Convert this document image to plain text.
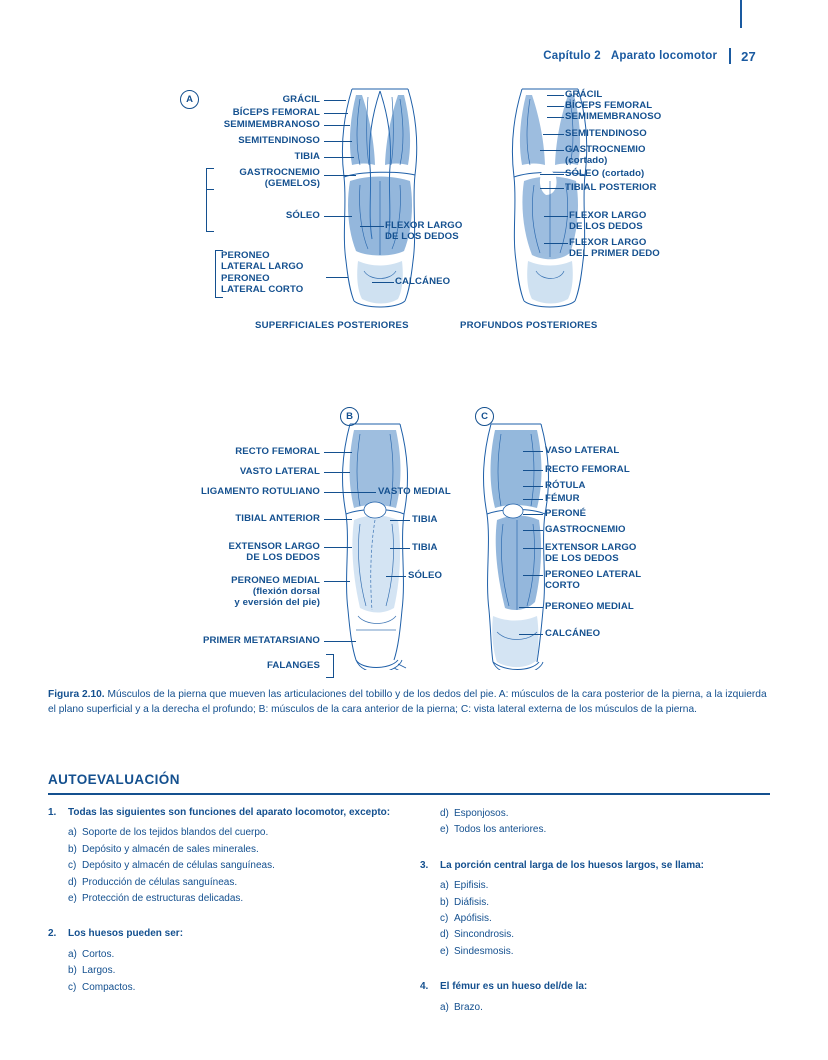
Capítulo 2 Aparato locomotor 27
A	GRÁCIL
BÍCEPS FEMORAL
SEMIMEMBRANOSO
SEMITENDINOSO
TIBIA
GASTROCNEMIO
(GEMELOS)
SÓLEO
PERONEO
LATERAL LARGO
PERONEO
LATERAL CORTO
FLEXOR LARGO
DE LOS DEDOS
CALCÁNEO
GRÁCIL
BÍCEPS FEMORAL
SEMIMEMBRANOSO
SEMITENDINOSO
GASTROCNEMIO
(cortado)
SÓLEO (cortado)
TIBIAL POSTERIOR
FLEXOR LARGO
DE LOS DEDOS
FLEXOR LARGO
DEL PRIMER DEDO
SUPERFICIALES POSTERIORES	PROFUNDOS POSTERIORES
B	C
RECTO FEMORAL
VASTO LATERAL
LIGAMENTO ROTULIANO
TIBIAL ANTERIOR
EXTENSOR LARGO
DE LOS DEDOS
PERONEO MEDIAL
(flexión dorsal
y eversión del pie)
PRIMER METATARSIANO
FALANGES
VASTO MEDIAL
TIBIA
TIBIA
SÓLEO
VASO LATERAL
RECTO FEMORAL
RÓTULA
FÉMUR
PERONÉ
GASTROCNEMIO
EXTENSOR LARGO
DE LOS DEDOS
PERONEO LATERAL
CORTO
PERONEO MEDIAL
CALCÁNEO
Figura 2.10. Músculos de la pierna que mueven las articulaciones del tobillo y de los dedos del pie. A: músculos de la cara posterior de la pierna, a la izquierda el plano superficial y a la derecha el profundo; B: músculos de la cara anterior de la pierna; C: vista lateral externa de los músculos de la pierna.
AUTOEVALUACIÓN
1. Todas las siguientes son funciones del aparato locomotor, excepto:
a) Soporte de los tejidos blandos del cuerpo.
b) Depósito y almacén de sales minerales.
c) Depósito y almacén de células sanguíneas.
d) Producción de células sanguíneas.
e) Protección de estructuras delicadas.
2. Los huesos pueden ser:
a) Cortos.
b) Largos.
c) Compactos.
d) Esponjosos.
e) Todos los anteriores.
3. La porción central larga de los huesos largos, se llama:
a) Epifisis.
b) Diáfisis.
c) Apófisis.
d) Sincondrosis.
e) Sindesmosis.
4. El fémur es un hueso del/de la:
a) Brazo.
